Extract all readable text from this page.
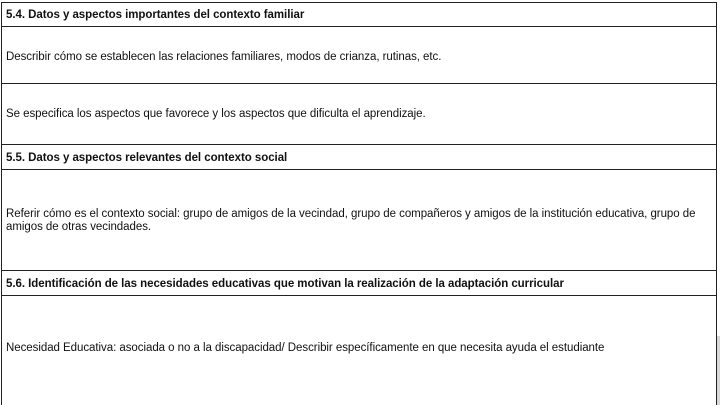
5.4. Datos y aspectos importantes del contexto familiar
Describir cómo se establecen las relaciones familiares, modos de crianza, rutinas, etc.
Se especifica los aspectos que favorece y los aspectos que dificulta el aprendizaje.
5.5. Datos y aspectos relevantes del contexto social
Referir cómo es el contexto social: grupo de amigos de la vecindad, grupo de compañeros y amigos de la institución educativa, grupo de amigos de otras vecindades.
5.6. Identificación de las necesidades educativas que motivan la realización de la adaptación curricular
Necesidad Educativa: asociada o no a la discapacidad/ Describir específicamente en que necesita ayuda el estudiante
